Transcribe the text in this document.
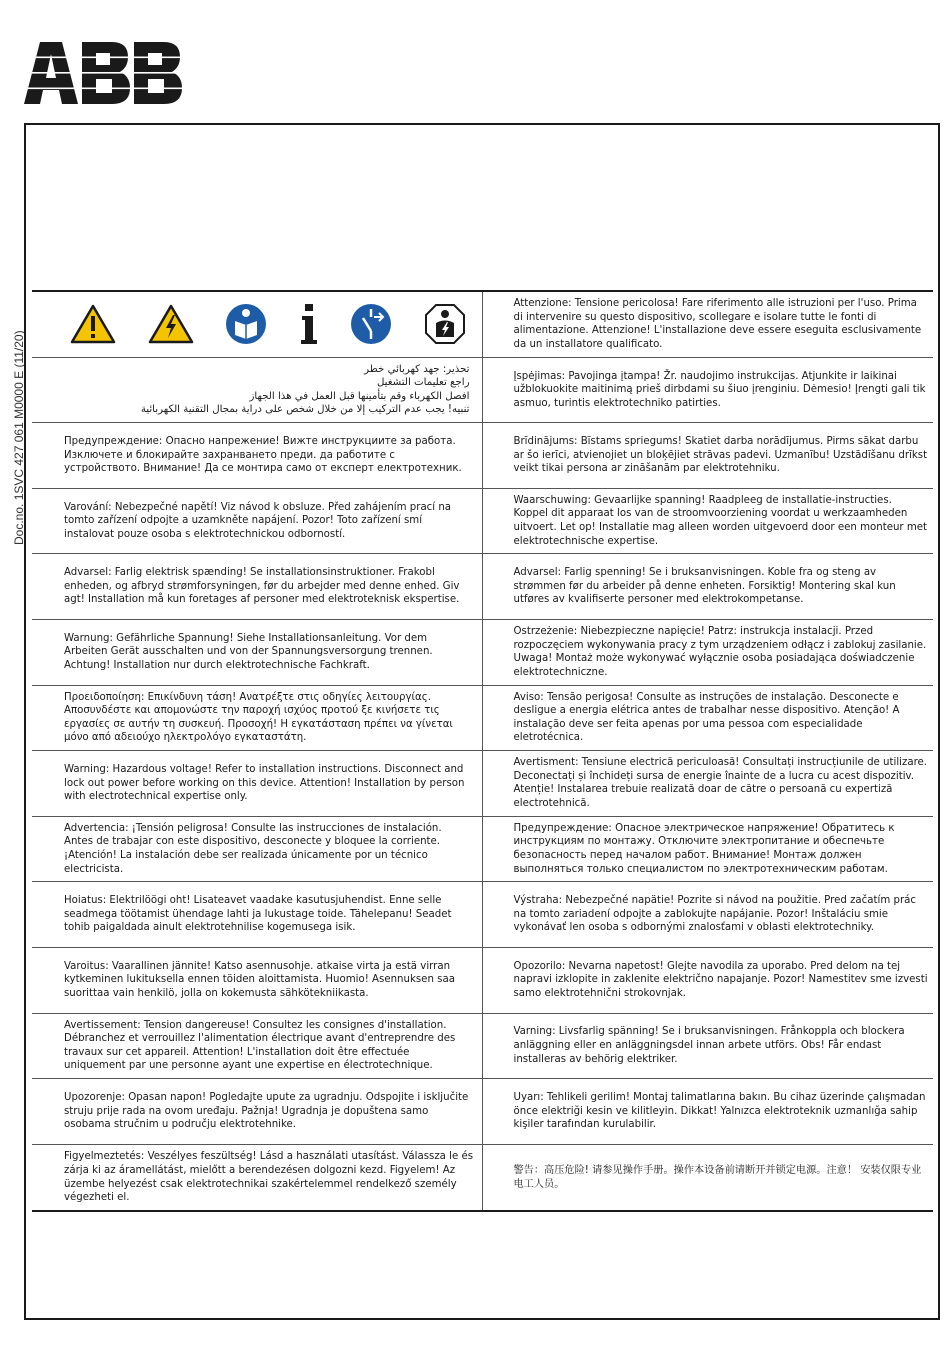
Doc.no. 1SVC 427 061 M0000 E (11/20)
Attenzione: Tensione pericolosa! Fare riferimento alle istruzioni per l'uso. Prima di intervenire su questo dispositivo, scollegare e isolare tutte le fonti di alimentazione. Attenzione! L'installazione deve essere eseguita esclusivamente da un installatore qualificato.
تحذير: جهد كهربائي خطر
راجع تعليمات التشغيل
افصل الكهرباء وقم بتأمينها قبل العمل في هذا الجهاز
تنبيه! يجب عدم التركيب إلا من خلال شخص على دراية بمجال التقنية الكهربائية
Įspėjimas: Pavojinga įtampa! Žr. naudojimo instrukcijas. Atjunkite ir laikinai užblokuokite maitinimą prieš dirbdami su šiuo įrenginiu. Dėmesio! Įrengti gali tik asmuo, turintis elektrotechniko patirties.
Предупреждение: Опасно напрежение! Вижте инструкциите за работа. Изключете и блокирайте захранването преди. да работите с устройството. Внимание! Да се монтира само от експерт електротехник.
Brīdinājums: Bīstams spriegums! Skatiet darba norādījumus. Pirms sākat darbu ar šo ierīci, atvienojiet un bloķējiet strāvas padevi. Uzmanību! Uzstādīšanu drīkst veikt tikai persona ar zināšanām par elektrotehniku.
Varování: Nebezpečné napětí! Viz návod k obsluze. Před zahájením prací na tomto zařízení odpojte a uzamkněte napájení. Pozor! Toto zařízení smí instalovat pouze osoba s elektrotechnickou odborností.
Waarschuwing: Gevaarlijke spanning! Raadpleeg de installatie-instructies. Koppel dit apparaat los van de stroomvoorziening voordat u werkzaamheden uitvoert. Let op! Installatie mag alleen worden uitgevoerd door een monteur met elektrotechnische expertise.
Advarsel: Farlig elektrisk spænding! Se installationsinstruktioner. Frakobl enheden, og afbryd strømforsyningen, før du arbejder med denne enhed. Giv agt! Installation må kun foretages af personer med elektroteknisk ekspertise.
Advarsel: Farlig spenning! Se i bruksanvisningen. Koble fra og steng av strømmen før du arbeider på denne enheten. Forsiktig! Montering skal kun utføres av kvalifiserte personer med elektrokompetanse.
Warnung: Gefährliche Spannung! Siehe Installationsanleitung. Vor dem Arbeiten Gerät ausschalten und von der Spannungsversorgung trennen. Achtung! Installation nur durch elektrotechnische Fachkraft.
Ostrzeżenie: Niebezpieczne napięcie! Patrz: instrukcja instalacji. Przed rozpoczęciem wykonywania pracy z tym urządzeniem odłącz i zablokuj zasilanie. Uwaga! Montaż może wykonywać wyłącznie osoba posiadająca doświadczenie elektrotechniczne.
Προειδοποίηση: Επικίνδυνη τάση! Ανατρέξτε στις οδηγίες λειτουργίας. Αποσυνδέστε και απομονώστε την παροχή ισχύος προτού ξε κινήσετε τις εργασίες σε αυτήν τη συσκευή. Προσοχή! Η εγκατάσταση πρέπει να γίνεται μόνο από αδειούχο ηλεκτρολόγο εγκαταστάτη.
Aviso: Tensão perigosa! Consulte as instruções de instalação. Desconecte e desligue a energia elétrica antes de trabalhar nesse dispositivo. Atenção! A instalação deve ser feita apenas por uma pessoa com especialidade eletrotécnica.
Warning: Hazardous voltage! Refer to installation instructions. Disconnect and lock out power before working on this device. Attention! Installation by person with electrotechnical expertise only.
Avertisment: Tensiune electrică periculoasă! Consultați instrucțiunile de utilizare. Deconectați și închideți sursa de energie înainte de a lucra cu acest dispozitiv. Atenție! Instalarea trebuie realizată doar de către o persoană cu expertiză electrotehnică.
Advertencia: ¡Tensión peligrosa! Consulte las instrucciones de instalación. Antes de trabajar con este dispositivo, desconecte y bloquee la corriente. ¡Atención! La instalación debe ser realizada únicamente por un técnico electricista.
Предупреждение: Опасное электрическое напряжение! Обратитесь к инструкциям по монтажу. Отключите электропитание и обеспечьте безопасность перед началом работ. Внимание! Монтаж должен выполняться только специалистом по электротехническим работам.
Hoiatus: Elektrilöögi oht! Lisateavet vaadake kasutusjuhendist. Enne selle seadmega töötamist ühendage lahti ja lukustage toide. Tähelepanu! Seadet tohib paigaldada ainult elektrotehnilise kogemusega isik.
Výstraha: Nebezpečné napätie! Pozrite si návod na použitie. Pred začatím prác na tomto zariadení odpojte a zablokujte napájanie. Pozor! Inštaláciu smie vykonávať len osoba s odbornými znalosťami v oblasti elektrotechniky.
Varoitus: Vaarallinen jännite! Katso asennusohje. atkaise virta ja estä virran kytkeminen lukituksella ennen töiden aloittamista. Huomio! Asennuksen saa suorittaa vain henkilö, jolla on kokemusta sähkötekniikasta.
Opozorilo: Nevarna napetost! Glejte navodila za uporabo. Pred delom na tej napravi izklopite in zaklenite električno napajanje. Pozor! Namestitev sme izvesti samo elektrotehnični strokovnjak.
Avertissement: Tension dangereuse! Consultez les consignes d'installation. Débranchez et verrouillez l'alimentation électrique avant d'entreprendre des travaux sur cet appareil. Attention! L'installation doit être effectuée uniquement par une personne ayant une expertise en électrotechnique.
Varning: Livsfarlig spänning! Se i bruksanvisningen. Frånkoppla och blockera anläggning eller en anläggningsdel innan arbete utförs. Obs! Får endast installeras av behörig elektriker.
Upozorenje: Opasan napon! Pogledajte upute za ugradnju. Odspojite i isključite struju prije rada na ovom uređaju. Pažnja! Ugradnja je dopuštena samo osobama stručnim u području elektrotehnike.
Uyarı: Tehlikeli gerilim! Montaj talimatlarına bakın. Bu cihaz üzerinde çalışmadan önce elektriği kesin ve kilitleyin. Dikkat! Yalnızca elektroteknik uzmanlığa sahip kişiler tarafından kurulabilir.
Figyelmeztetés: Veszélyes feszültség! Lásd a használati utasítást. Válassza le és zárja ki az áramellátást, mielőtt a berendezésen dolgozni kezd. Figyelem! Az üzembe helyezést csak elektrotechnikai szakértelemmel rendelkező személy végezheti el.
警告：高压危险! 请参见操作手册。操作本设备前请断开并锁定电源。注意！ 安装仅限专业电工人员。
